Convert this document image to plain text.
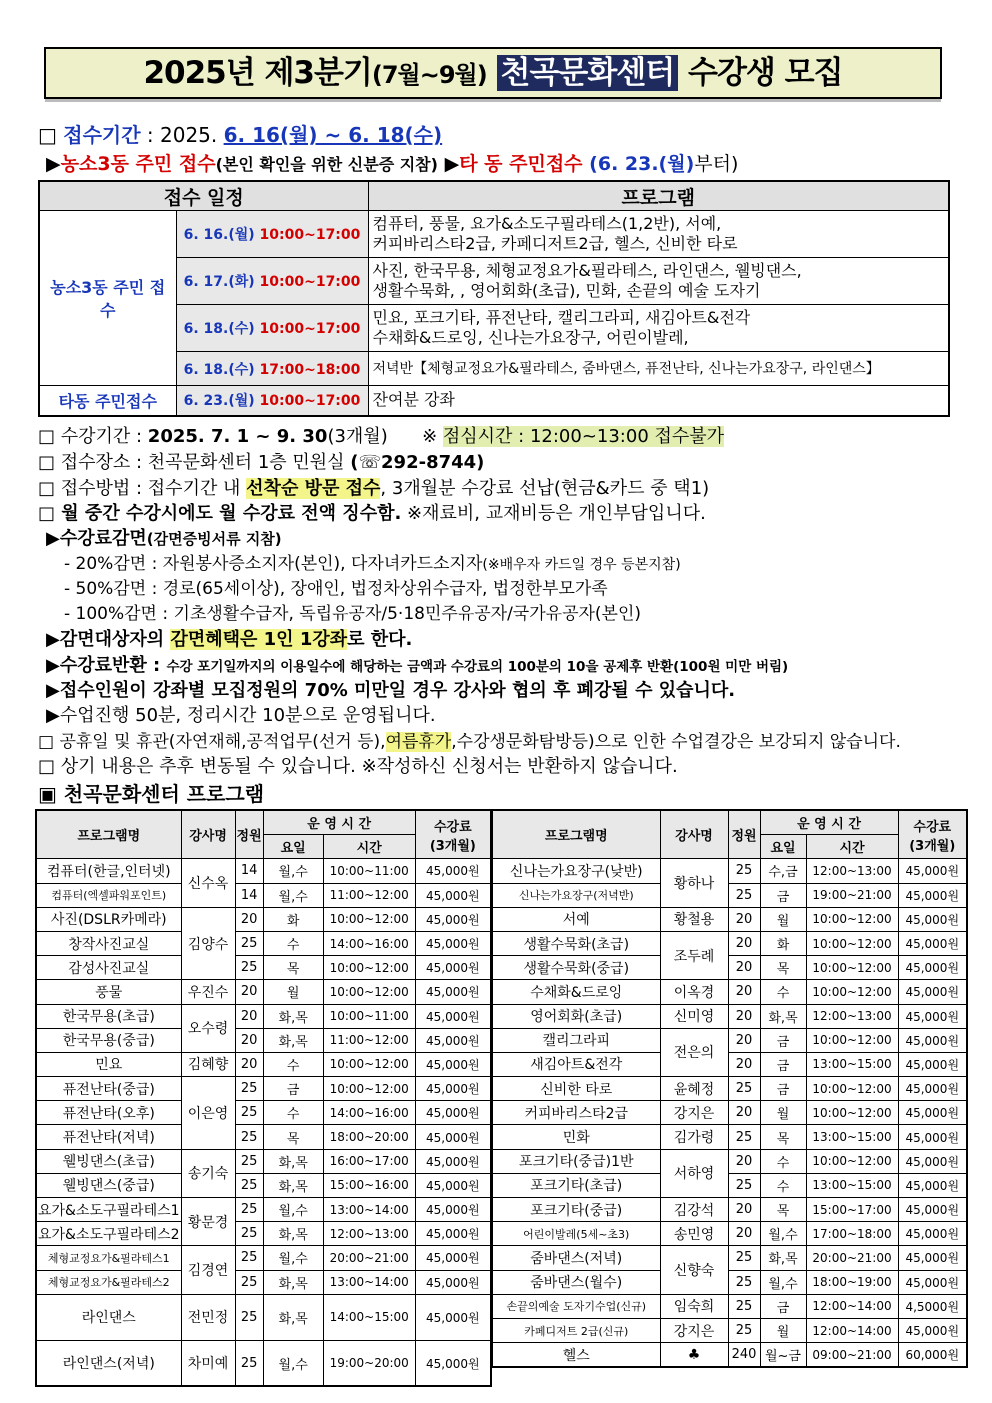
2025년 제3분기(7월~9월) 천곡문화센터 수강생 모집
□ 접수기간 : 2025. 6. 16(월) ~ 6. 18(수)
▶농소3동 주민 접수(본인 확인을 위한 신분증 지참) ▶타 동 주민접수 (6. 23.(월)부터)
접수 일정		프로그램
농소3동 주민 접수	6. 16.(월) 10:00~17:00	컴퓨터, 풍물, 요가&소도구필라테스(1,2반), 서예,
커피바리스타2급, 카페디저트2급, 헬스, 신비한 타로

	6. 17.(화) 10:00~17:00	사진, 한국무용, 체형교정요가&필라테스, 라인댄스, 웰빙댄스,
생활수묵화, , 영어회화(초급), 민화, 손끝의 예술 도자기

	6. 18.(수) 10:00~17:00	민요, 포크기타, 퓨전난타, 캘리그라피, 새김아트&전각
수채화&드로잉, 신나는가요장구, 어린이발레,

	6. 18.(수) 17:00~18:00	저녁반【체형교정요가&필라테스, 줌바댄스, 퓨전난타, 신나는가요장구, 라인댄스】

타동 주민접수	6. 23.(월) 10:00~17:00	잔여분 강좌
□ 수강기간 : 2025. 7. 1 ~ 9. 30(3개월) ※ 점심시간 : 12:00~13:00 접수불가
□ 접수장소 : 천곡문화센터 1층 민원실 (☏292-8744)
□ 접수방법 : 접수기간 내 선착순 방문 접수, 3개월분 수강료 선납(현금&카드 중 택1)
□ 월 중간 수강시에도 월 수강료 전액 징수함. ※재료비, 교재비등은 개인부담입니다.
▶수강료감면(감면증빙서류 지참)
- 20%감면 : 자원봉사증소지자(본인), 다자녀카드소지자(※배우자 카드일 경우 등본지참)
- 50%감면 : 경로(65세이상), 장애인, 법정차상위수급자, 법정한부모가족
- 100%감면 : 기초생활수급자, 독립유공자/5·18민주유공자/국가유공자(본인)
▶감면대상자의 감면혜택은 1인 1강좌로 한다.
▶수강료반환 : 수강 포기일까지의 이용일수에 해당하는 금액과 수강료의 100분의 10을 공제후 반환(100원 미만 버림)
▶접수인원이 강좌별 모집정원의 70% 미만일 경우 강사와 협의 후 폐강될 수 있습니다.
▶수업진행 50분, 정리시간 10분으로 운영됩니다.
□ 공휴일 및 휴관(자연재해,공적업무(선거 등),여름휴가,수강생문화탐방등)으로 인한 수업결강은 보강되지 않습니다.
□ 상기 내용은 추후 변동될 수 있습니다. ※작성하신 신청서는 반환하지 않습니다.
▣ 천곡문화센터 프로그램
프로그램명	강사명	정원	운 영 시 간		수강료
(3개월)

			요일	시간	
컴퓨터(한글,인터넷)	신수옥	14	월,수	10:00~11:00	45,000원
컴퓨터(엑셀파워포인트)		14	월,수	11:00~12:00	45,000원
사진(DSLR카메라)	김양수	20	화	10:00~12:00	45,000원
창작사진교실		25	수	14:00~16:00	45,000원
감성사진교실		25	목	10:00~12:00	45,000원
풍물	우진수	20	월	10:00~12:00	45,000원
한국무용(초급)	오수령	20	화,목	10:00~11:00	45,000원
한국무용(중급)		20	화,목	11:00~12:00	45,000원
민요	김혜향	20	수	10:00~12:00	45,000원
퓨전난타(중급)	이은영	25	금	10:00~12:00	45,000원
퓨전난타(오후)		25	수	14:00~16:00	45,000원
퓨전난타(저녁)		25	목	18:00~20:00	45,000원
웰빙댄스(초급)	송기숙	25	화,목	16:00~17:00	45,000원
웰빙댄스(중급)		25	화,목	15:00~16:00	45,000원
요가&소도구필라테스1	황문경	25	월,수	13:00~14:00	45,000원
요가&소도구필라테스2		25	화,목	12:00~13:00	45,000원
체형교정요가&필라테스1	김경연	25	월,수	20:00~21:00	45,000원
체형교정요가&필라테스2		25	화,목	13:00~14:00	45,000원
라인댄스	전민정	25	화,목	14:00~15:00	45,000원
라인댄스(저녁)	차미예	25	월,수	19:00~20:00	45,000원
프로그램명	강사명	정원	운 영 시 간		수강료
(3개월)

			요일	시간	
신나는가요장구(낮반)	황하나	25	수,금	12:00~13:00	45,000원
신나는가요장구(저녁반)		25	금	19:00~21:00	45,000원
서예	황철용	20	월	10:00~12:00	45,000원
생활수묵화(초급)	조두례	20	화	10:00~12:00	45,000원
생활수묵화(중급)		20	목	10:00~12:00	45,000원
수채화&드로잉	이옥경	20	수	10:00~12:00	45,000원
영어회화(초급)	신미영	20	화,목	12:00~13:00	45,000원
캘리그라피	전은의	20	금	10:00~12:00	45,000원
새김아트&전각		20	금	13:00~15:00	45,000원
신비한 타로	윤혜정	25	금	10:00~12:00	45,000원
커피바리스타2급	강지은	20	월	10:00~12:00	45,000원
민화	김가령	25	목	13:00~15:00	45,000원
포크기타(중급)1반	서하영	20	수	10:00~12:00	45,000원
포크기타(초급)		25	수	13:00~15:00	45,000원
포크기타(중급)	김강석	20	목	15:00~17:00	45,000원
어린이발레(5세~초3)	송민영	20	월,수	17:00~18:00	45,000원
줌바댄스(저녁)	신향숙	25	화,목	20:00~21:00	45,000원
줌바댄스(월수)		25	월,수	18:00~19:00	45,000원
손끝의예술 도자기수업(신규)	임숙희	25	금	12:00~14:00	4,5000원
카페디저트 2급(신규)	강지은	25	월	12:00~14:00	45,000원
헬스	♣	240	월~금	09:00~21:00	60,000원
